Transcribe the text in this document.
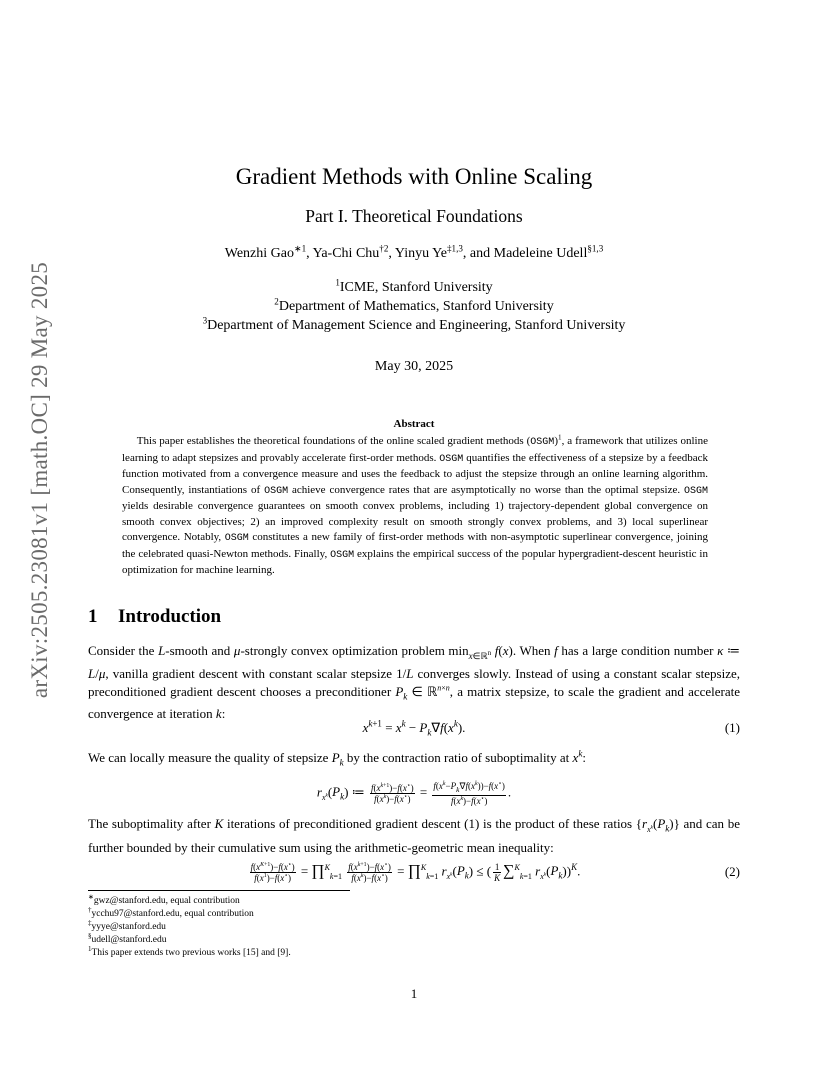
arXiv:2505.23081v1 [math.OC] 29 May 2025
Gradient Methods with Online Scaling
Part I. Theoretical Foundations
Wenzhi Gao$^{∗1}$, Ya-Chi Chu$^{\dagger 2}$, Yinyu Ye$^{\ddagger 1,3}$, and Madeleine Udell$^{\S 1,3}$
$^1$ICME, Stanford University
$^2$Department of Mathematics, Stanford University
$^3$Department of Management Science and Engineering, Stanford University
May 30, 2025
Abstract
This paper establishes the theoretical foundations of the online scaled gradient methods (OSGM)$^1$, a framework that utilizes online learning to adapt stepsizes and provably accelerate first-order methods. OSGM quantifies the effectiveness of a stepsize by a feedback function motivated from a convergence measure and uses the feedback to adjust the stepsize through an online learning algorithm. Consequently, instantiations of OSGM achieve convergence rates that are asymptotically no worse than the optimal stepsize. OSGM yields desirable convergence guarantees on smooth convex problems, including 1) trajectory-dependent global convergence on smooth convex objectives; 2) an improved complexity result on smooth strongly convex problems, and 3) local superlinear convergence. Notably, OSGM constitutes a new family of first-order methods with non-asymptotic superlinear convergence, joining the celebrated quasi-Newton methods. Finally, OSGM explains the empirical success of the popular hypergradient-descent heuristic in optimization for machine learning.
1 Introduction
Consider the L-smooth and μ-strongly convex optimization problem $\min_{x\in ℝ^n} f(x)$. When f has a large condition number κ ≔ L/μ, vanilla gradient descent with constant scalar stepsize 1/L converges slowly. Instead of using a constant scalar stepsize, preconditioned gradient descent chooses a preconditioner $P_k$ ∈ ℝ$^{n\times n}$, a matrix stepsize, to scale the gradient and accelerate convergence at iteration k:
$x^{k+1} = x^k - P_k\nabla f(x^k)$.	(1)
We can locally measure the quality of stepsize $P_k$ by the contraction ratio of suboptimality at $x^k$:
$r_{x^k}(P_k)$ ≔ $\frac{f(x^{k+1})-f(x^⋆)}{f(x^k)-f(x^⋆)} = \frac{f(x^k-P_k\nabla f(x^k))-f(x^⋆)}{f(x^k)-f(x^⋆)}$ .
The suboptimality after K iterations of preconditioned gradient descent (1) is the product of these ratios $\{r_{x^k}(P_k)\}$ and can be further bounded by their cumulative sum using the arithmetic-geometric mean inequality:
$\frac{f(x^{K+1})-f(x^⋆)}{f(x^1)-f(x^⋆)}$ = ∏$^K_{k=1}$ $\frac{f(x^{k+1})-f(x^⋆)}{f(x^k)-f(x^⋆)}$ = ∏$^K_{k=1}$ $r_{x^k}(P_k)$ ≤ ( $\frac{1}{K} \sum^K_{k=1}$ $r_{x^k}(P_k))^K$.	(2)
∗gwz@stanford.edu, equal contribution
†ycchu97@stanford.edu, equal contribution
‡yyye@stanford.edu
§udell@stanford.edu
$^1$This paper extends two previous works [15] and [9].
1
